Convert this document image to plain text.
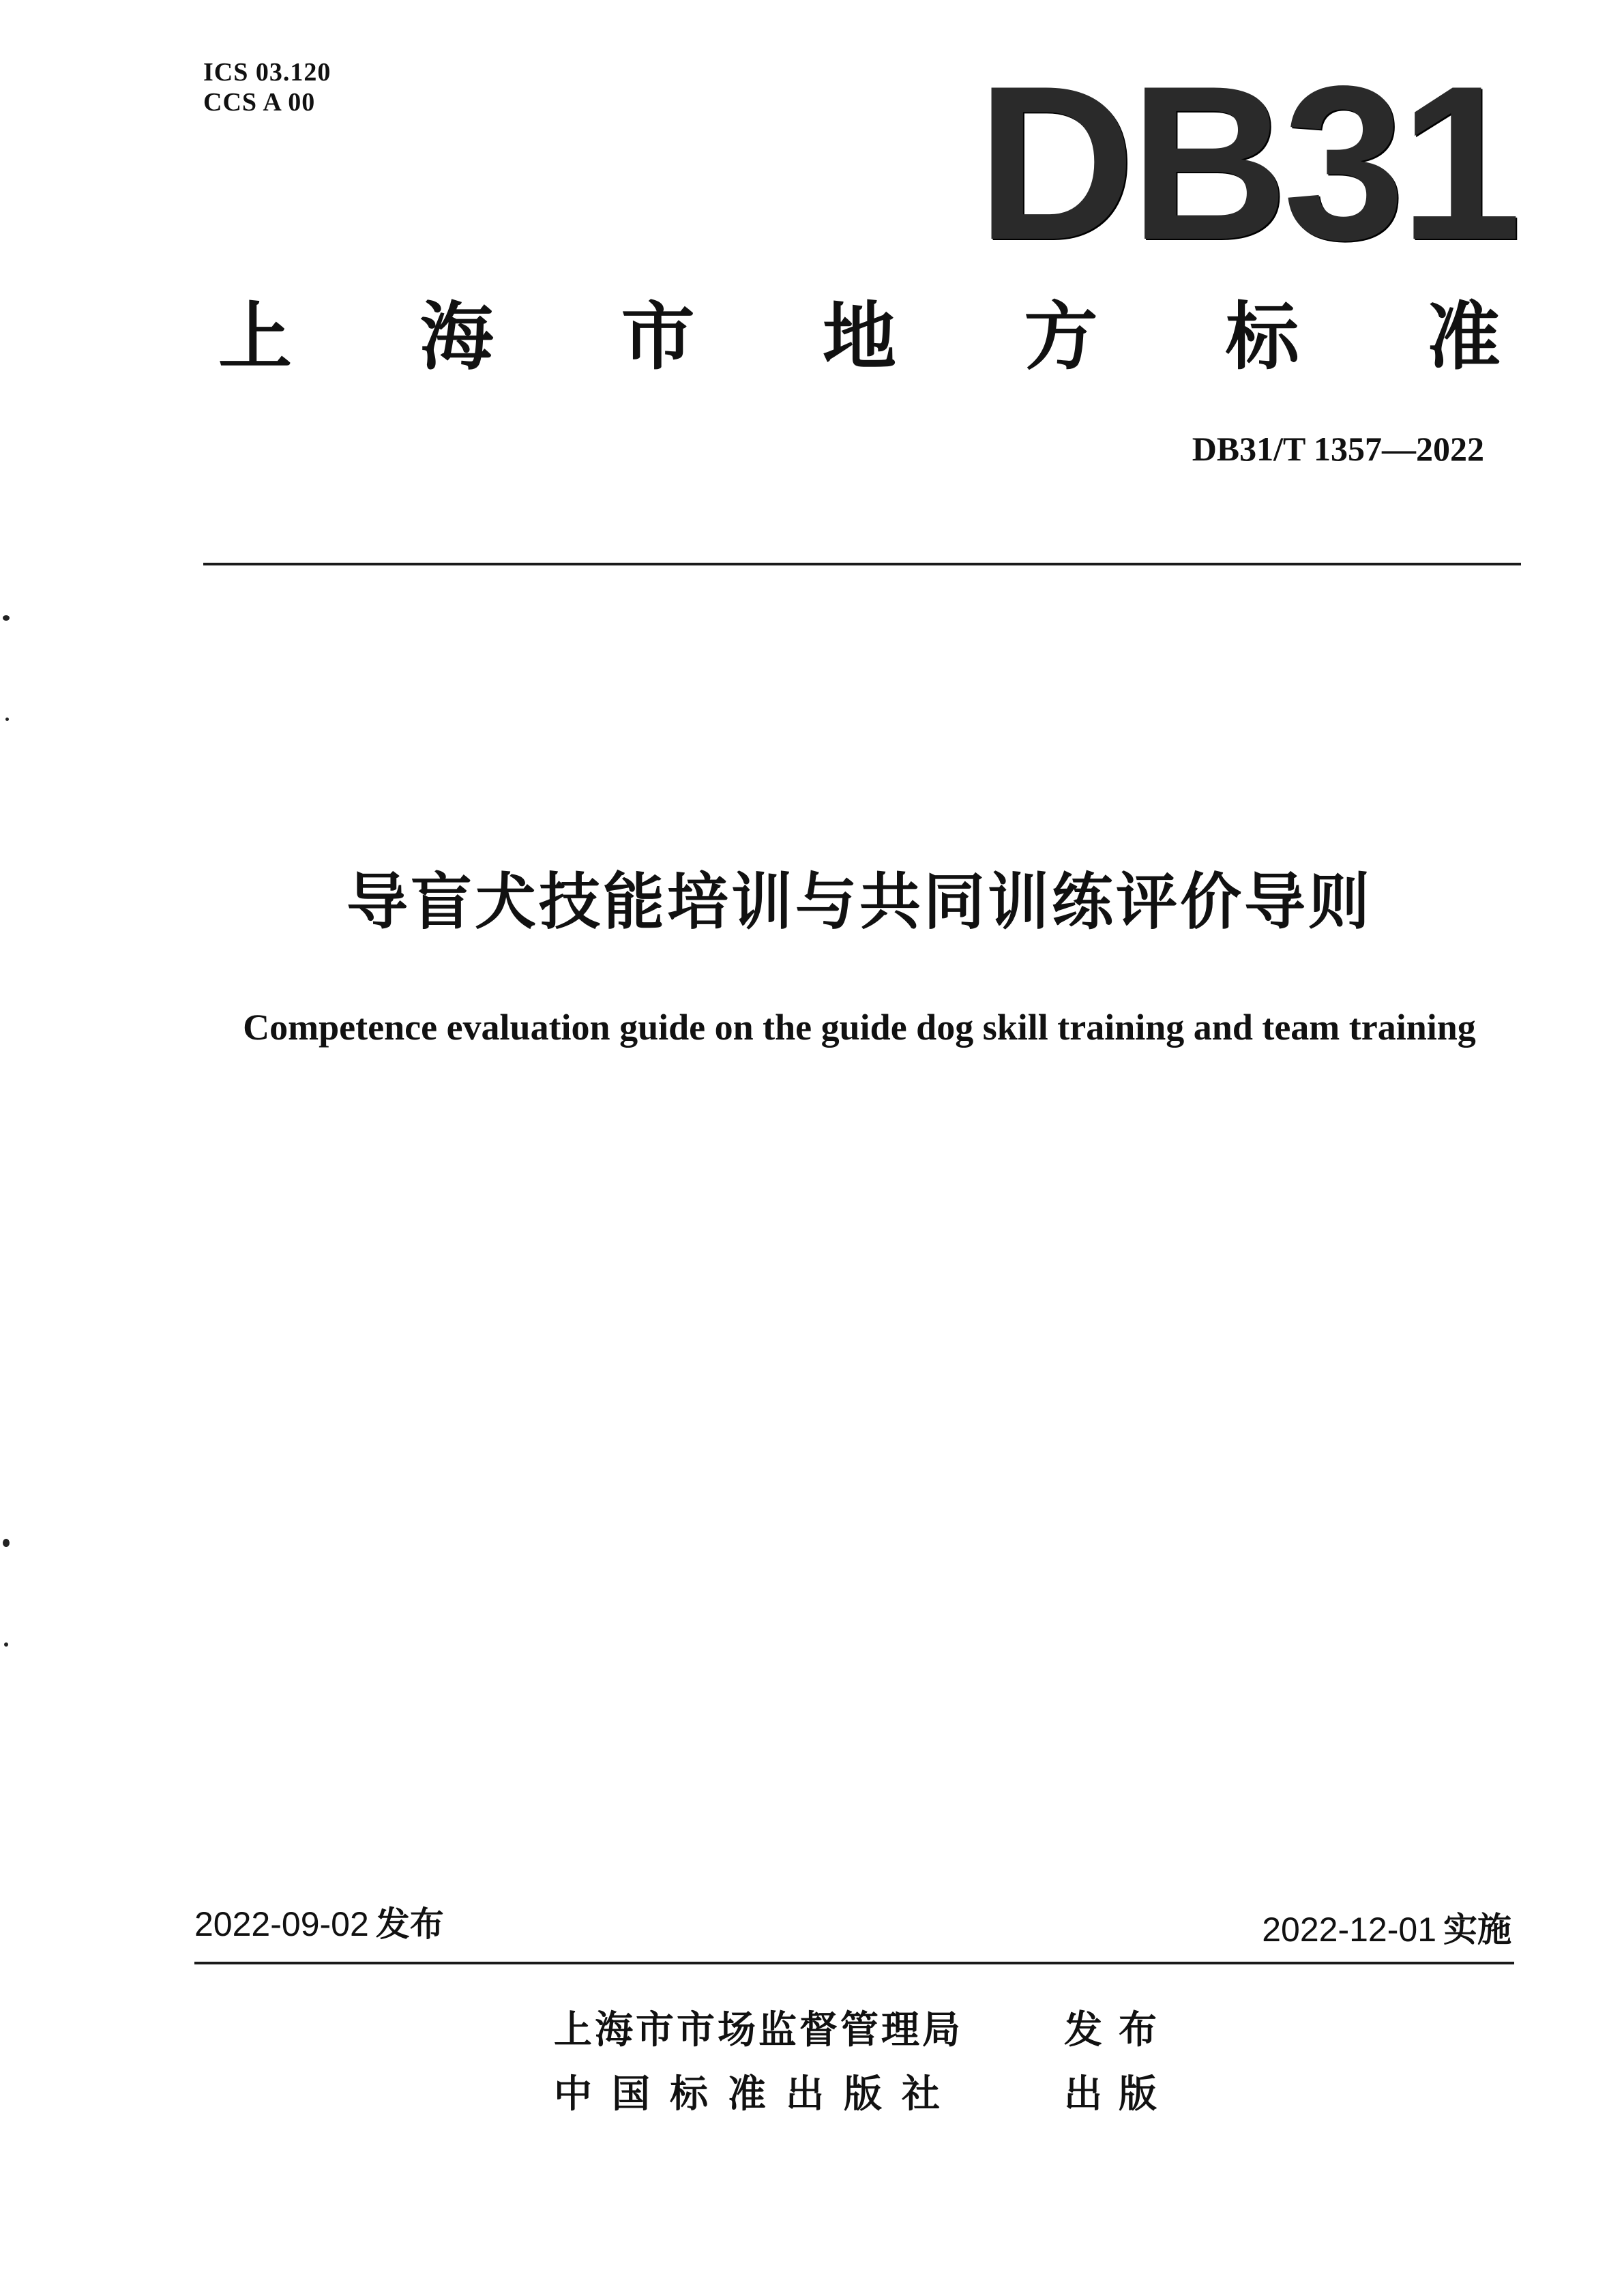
ICS 03.120
CCS A 00	DB31
上 海 市 地 方 标 准
DB31/T 1357—2022
导盲犬技能培训与共同训练评价导则
Competence evaluation guide on the guide dog skill training and team training
2022-09-02 发布	2022-12-01 实施
上海市市场监督管理局	发布
中国标准出版社	出版
